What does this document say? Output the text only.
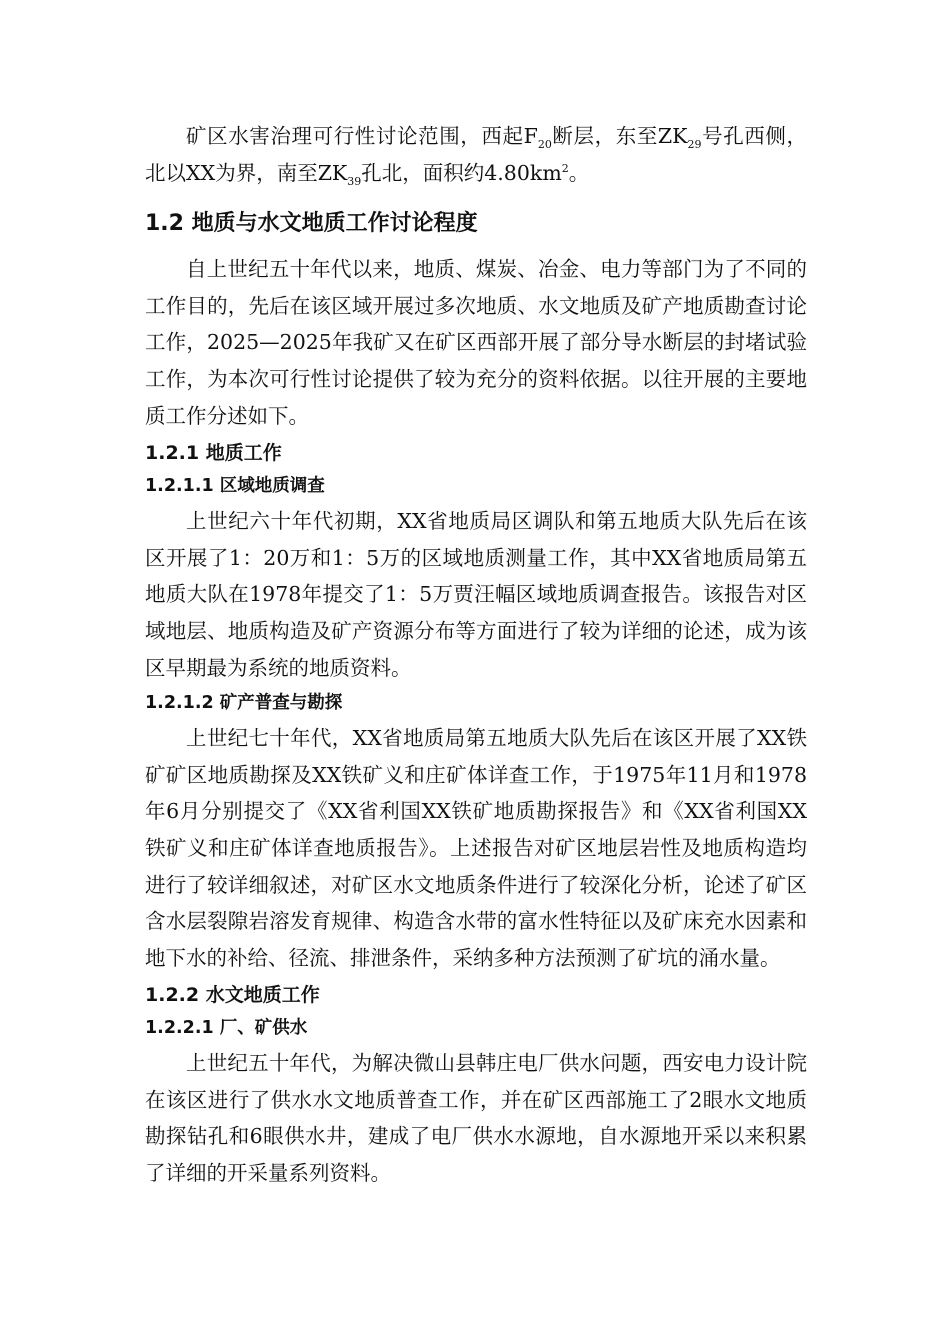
矿区水害治理可行性讨论范围，西起$F_{20}$断层，东至$ZK_{29}$号孔西侧，北以XX为界，南至$ZK_{39}$孔北，面积约$4.80km^2$。

1.2 地质与水文地质工作讨论程度

自上世纪五十年代以来，地质、煤炭、冶金、电力等部门为了不同的工作目的，先后在该区域开展过多次地质、水文地质及矿产地质勘查讨论工作，2025—2025年我矿又在矿区西部开展了部分导水断层的封堵试验工作，为本次可行性讨论提供了较为充分的资料依据。以往开展的主要地质工作分述如下。

1.2.1 地质工作
1.2.1.1 区域地质调查

上世纪六十年代初期，XX省地质局区调队和第五地质大队先后在该区开展了1：20万和1：5万的区域地质测量工作，其中XX省地质局第五地质大队在1978年提交了1：5万贾汪幅区域地质调查报告。该报告对区域地层、地质构造及矿产资源分布等方面进行了较为详细的论述，成为该区早期最为系统的地质资料。

1.2.1.2 矿产普查与勘探

上世纪七十年代，XX省地质局第五地质大队先后在该区开展了XX铁矿矿区地质勘探及XX铁矿义和庄矿体详查工作，于1975年11月和1978年6月分别提交了《XX省利国XX铁矿地质勘探报告》和《XX省利国XX铁矿义和庄矿体详查地质报告》。上述报告对矿区地层岩性及地质构造均进行了较详细叙述，对矿区水文地质条件进行了较深化分析，论述了矿区含水层裂隙岩溶发育规律、构造含水带的富水性特征以及矿床充水因素和地下水的补给、径流、排泄条件，采纳多种方法预测了矿坑的涌水量。

1.2.2 水文地质工作
1.2.2.1 厂、矿供水

上世纪五十年代，为解决微山县韩庄电厂供水问题，西安电力设计院在该区进行了供水水文地质普查工作，并在矿区西部施工了2眼水文地质勘探钻孔和6眼供水井，建成了电厂供水水源地，自水源地开采以来积累了详细的开采量系列资料。
